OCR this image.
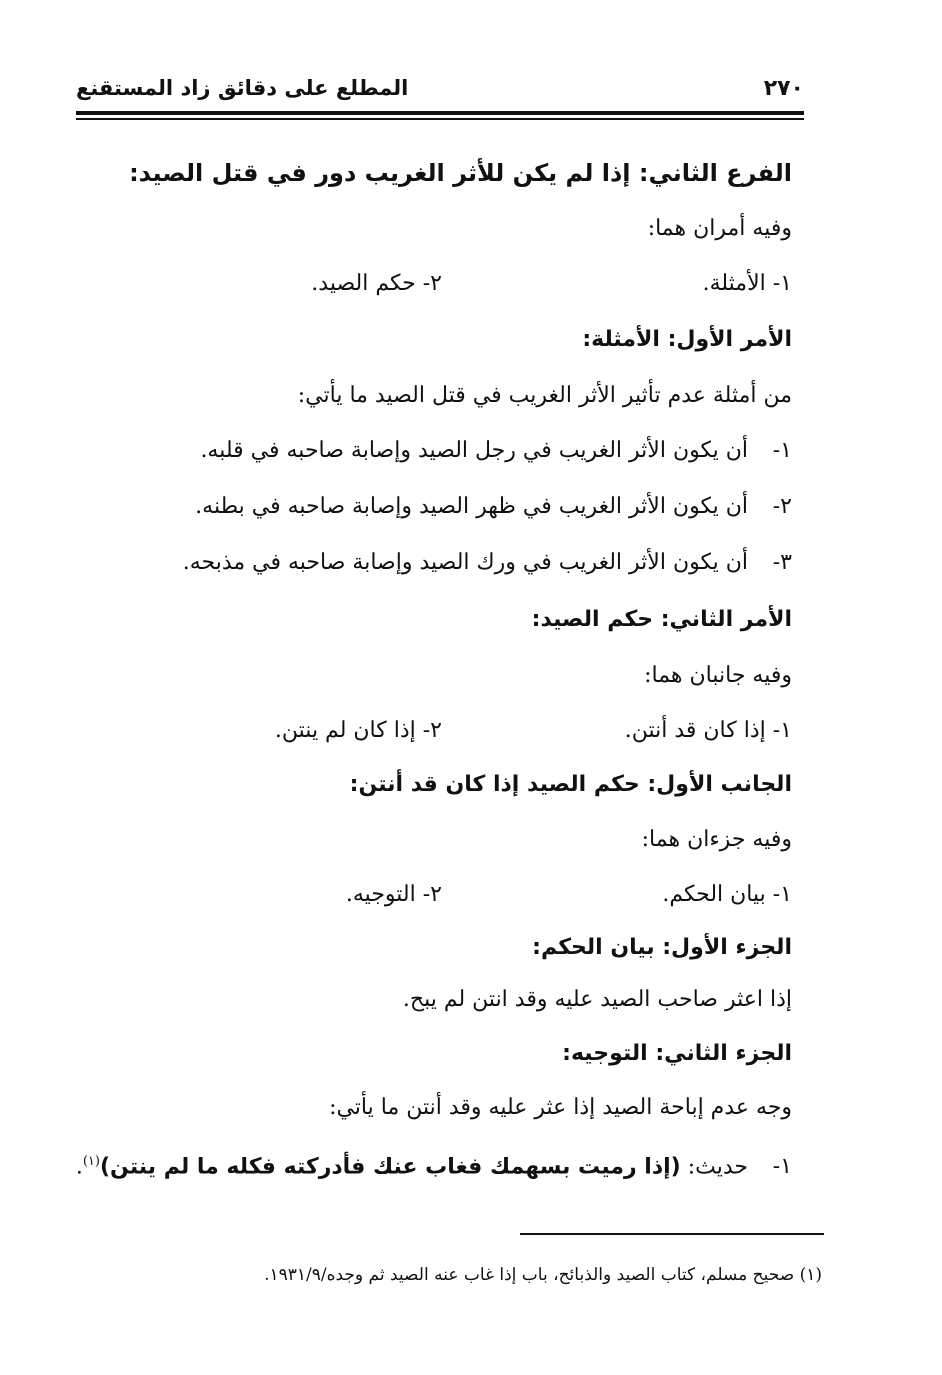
٢٧٠
المطلع على دقائق زاد المستقنع
الفرع الثاني: إذا لم يكن للأثر الغريب دور في قتل الصيد:
وفيه أمران هما:
١- الأمثلة.
٢- حكم الصيد.
الأمر الأول: الأمثلة:
من أمثلة عدم تأثير الأثر الغريب في قتل الصيد ما يأتي:
١-أن يكون الأثر الغريب في رجل الصيد وإصابة صاحبه في قلبه.
٢-أن يكون الأثر الغريب في ظهر الصيد وإصابة صاحبه في بطنه.
٣-أن يكون الأثر الغريب في ورك الصيد وإصابة صاحبه في مذبحه.
الأمر الثاني: حكم الصيد:
وفيه جانبان هما:
١- إذا كان قد أنتن.
٢- إذا كان لم ينتن.
الجانب الأول: حكم الصيد إذا كان قد أنتن:
وفيه جزءان هما:
١- بيان الحكم.
٢- التوجيه.
الجزء الأول: بيان الحكم:
إذا اعثر صاحب الصيد عليه وقد انتن لم يبح.
الجزء الثاني: التوجيه:
وجه عدم إباحة الصيد إذا عثر عليه وقد أنتن ما يأتي:
١-حديث: (إذا رميت بسهمك فغاب عنك فأدركته فكله ما لم ينتن)$^{(١)}$.
(١) صحيح مسلم، كتاب الصيد والذبائح، باب إذا غاب عنه الصيد ثم وجده/١٩٣١/٩.
